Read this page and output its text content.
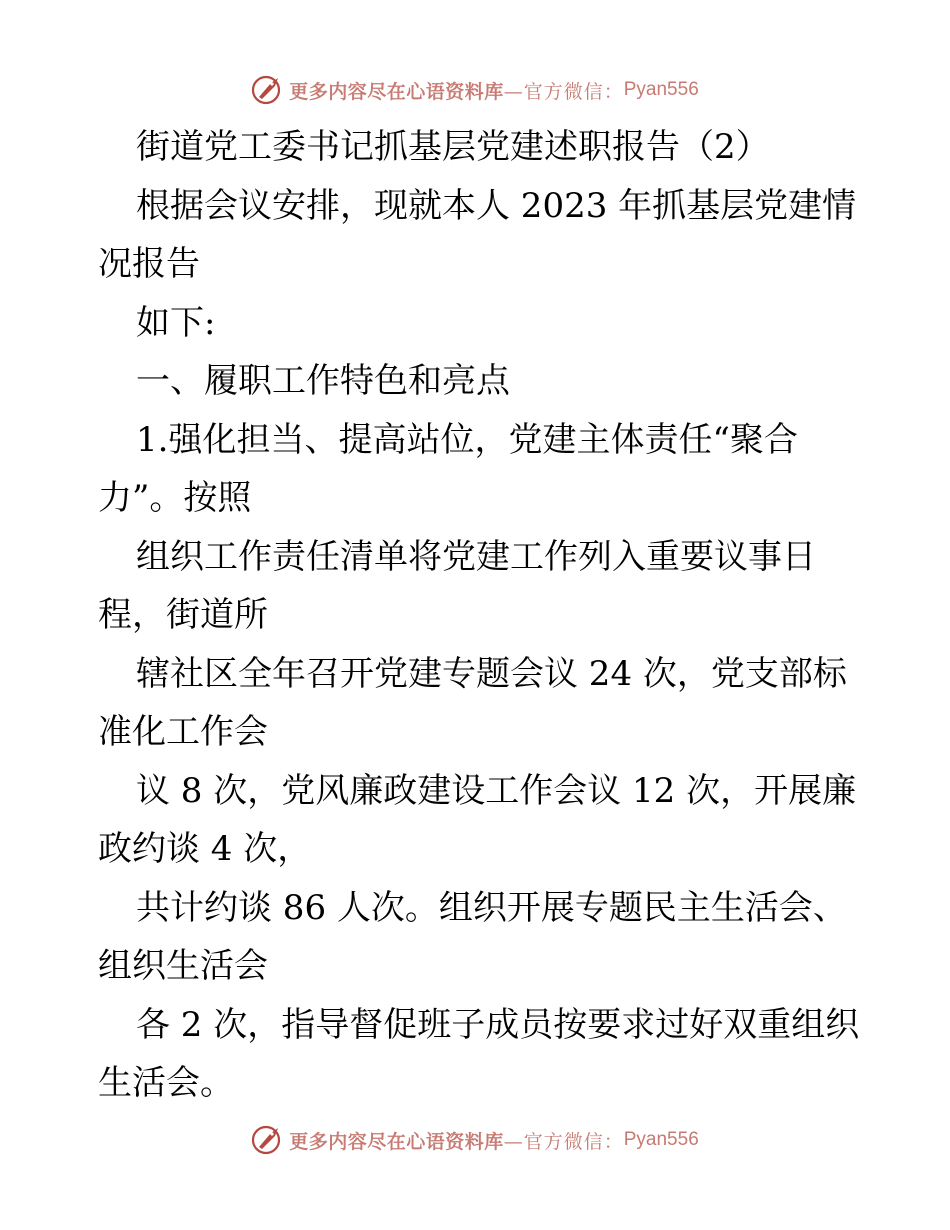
更多内容尽在心语资料库 —官方微信： Pyan556

街道党工委书记抓基层党建述职报告（2）

根据会议安排，现就本人 2023 年抓基层党建情

况报告

如下:

一、履职工作特色和亮点

1.强化担当、提高站位，党建主体责任“聚合

力”。按照

组织工作责任清单将党建工作列入重要议事日

程，街道所

辖社区全年召开党建专题会议 24 次，党支部标

准化工作会

议 8 次，党风廉政建设工作会议 12 次，开展廉

政约谈 4 次，

共计约谈 86 人次。组织开展专题民主生活会、

组织生活会

各 2 次，指导督促班子成员按要求过好双重组织

生活会。

更多内容尽在心语资料库 —官方微信： Pyan556
